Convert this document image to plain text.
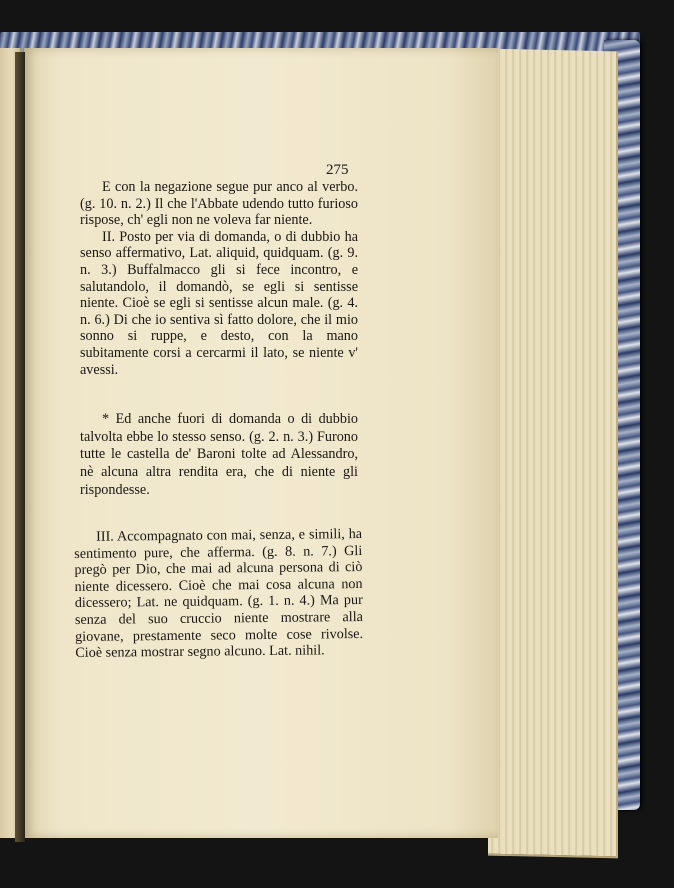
275

E con la negazione segue pur anco al verbo. (g. 10. n. 2.) Il che l'Abbate udendo tutto furioso rispose, ch' egli non ne voleva far niente.

II. Posto per via di domanda, o di dubbio ha senso affermativo, Lat. aliquid, quidquam. (g. 9. n. 3.) Buffalmacco gli si fece incontro, e salutandolo, il domandò, se egli si sentisse niente. Cioè se egli si sentisse alcun male. (g. 4. n. 6.) Di che io sentiva sì fatto dolore, che il mio sonno si ruppe, e desto, con la mano subitamente corsi a cercarmi il lato, se niente v' avessi.

* Ed anche fuori di domanda o di dubbio talvolta ebbe lo stesso senso. (g. 2. n. 3.) Furono tutte le castella de' Baroni tolte ad Alessandro, nè alcuna altra rendita era, che di niente gli rispondesse.

III. Accompagnato con mai, senza, e simili, ha sentimento pure, che afferma. (g. 8. n. 7.) Gli pregò per Dio, che mai ad alcuna persona di ciò niente dicessero. Cioè che mai cosa alcuna non dicessero; Lat. ne quidquam. (g. 1. n. 4.) Ma pur senza del suo cruccio niente mostrare alla giovane, prestamente seco molte cose rivolse. Cioè senza mostrar segno alcuno. Lat. nihil.
